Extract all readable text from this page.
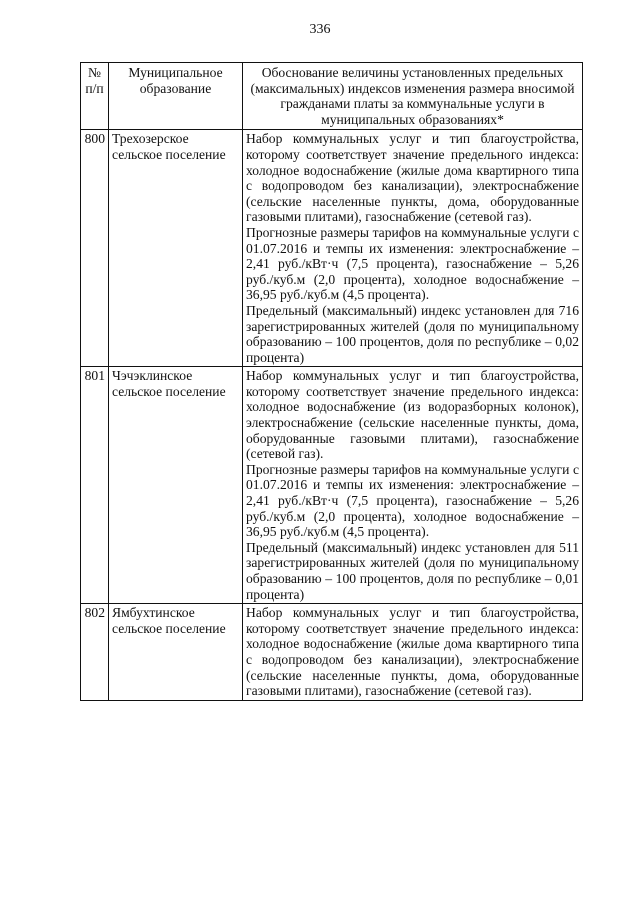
336
№ п/п	Муниципальное образование	Обоснование величины установленных предельных (максимальных) индексов изменения размера вносимой гражданами платы за коммунальные услуги в муниципальных образованиях*
800	Трехозерское сельское поселение	Набор коммунальных услуг и тип благоустройства, которому соответствует значение предельного индекса: холодное водоснабжение (жилые дома квартирного типа с водопроводом без канализации), электроснабжение (сельские населенные пункты, дома, оборудованные газовыми плитами), газоснабжение (сетевой газ).

Прогнозные размеры тарифов на коммунальные услуги с 01.07.2016 и темпы их изменения: электроснабжение – 2,41 руб./кВт·ч (7,5 процента), газоснабжение – 5,26 руб./куб.м (2,0 процента), холодное водоснабжение – 36,95 руб./куб.м (4,5 процента).

Предельный (максимальный) индекс установлен для 716 зарегистрированных жителей (доля по муниципальному образованию – 100 процентов, доля по республике – 0,02 процента)

801	Чэчэклинское сельское поселение	Набор коммунальных услуг и тип благоустройства, которому соответствует значение предельного индекса: холодное водоснабжение (из водоразборных колонок), электроснабжение (сельские населенные пункты, дома, оборудованные газовыми плитами), газоснабжение (сетевой газ).

Прогнозные размеры тарифов на коммунальные услуги с 01.07.2016 и темпы их изменения: электроснабжение – 2,41 руб./кВт·ч (7,5 процента), газоснабжение – 5,26 руб./куб.м (2,0 процента), холодное водоснабжение – 36,95 руб./куб.м (4,5 процента).

Предельный (максимальный) индекс установлен для 511 зарегистрированных жителей (доля по муниципальному образованию – 100 процентов, доля по республике – 0,01 процента)

802	Ямбухтинское сельское поселение	Набор коммунальных услуг и тип благоустройства, которому соответствует значение предельного индекса: холодное водоснабжение (жилые дома квартирного типа с водопроводом без канализации), электроснабжение (сельские населенные пункты, дома, оборудованные газовыми плитами), газоснабжение (сетевой газ).
